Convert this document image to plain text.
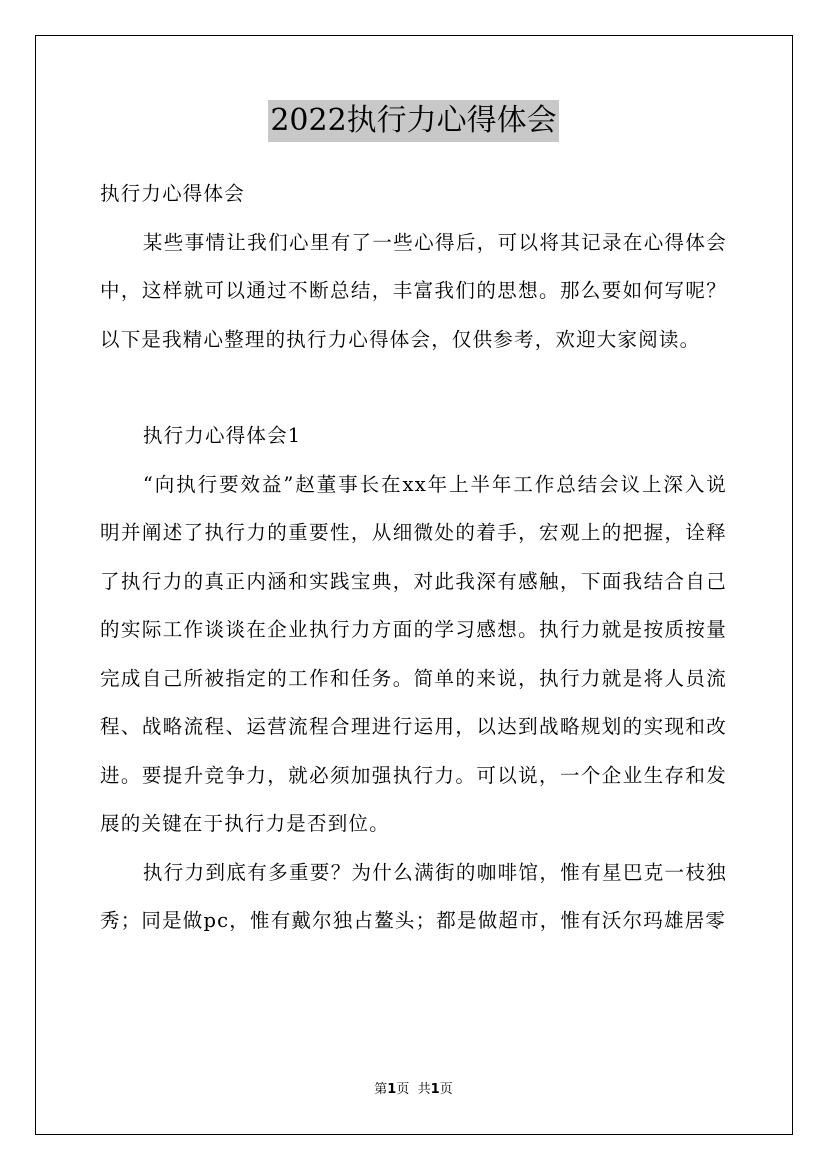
2022执行力心得体会

执行力心得体会

某些事情让我们心里有了一些心得后，可以将其记录在心得体会中，这样就可以通过不断总结，丰富我们的思想。那么要如何写呢？以下是我精心整理的执行力心得体会，仅供参考，欢迎大家阅读。

执行力心得体会1

“向执行要效益”赵董事长在xx年上半年工作总结会议上深入说明并阐述了执行力的重要性，从细微处的着手，宏观上的把握，诠释了执行力的真正内涵和实践宝典，对此我深有感触，下面我结合自己的实际工作谈谈在企业执行力方面的学习感想。执行力就是按质按量完成自己所被指定的工作和任务。简单的来说，执行力就是将人员流程、战略流程、运营流程合理进行运用，以达到战略规划的实现和改进。要提升竞争力，就必须加强执行力。可以说，一个企业生存和发展的关键在于执行力是否到位。

执行力到底有多重要？为什么满街的咖啡馆，惟有星巴克一枝独秀；同是做pc，惟有戴尔独占鳌头；都是做超市，惟有沃尔玛雄居零

第1页 共1页
